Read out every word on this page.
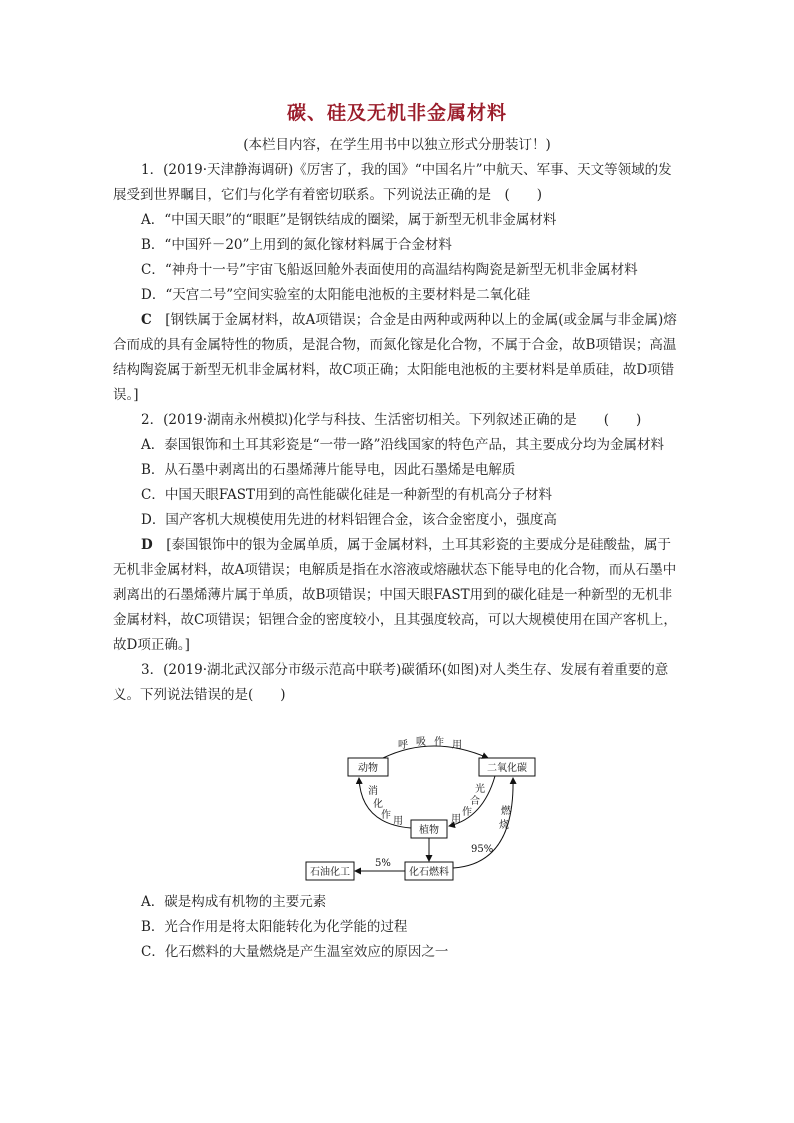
碳、硅及无机非金属材料
(本栏目内容，在学生用书中以独立形式分册装订！)

1．(2019·天津静海调研)《厉害了，我的国》“中国名片”中航天、军事、天文等领域的发展受到世界瞩目，它们与化学有着密切联系。下列说法正确的是　(　　)

A．“中国天眼”的“眼眶”是钢铁结成的圈梁，属于新型无机非金属材料

B．“中国歼－20”上用到的氮化镓材料属于合金材料

C．“神舟十一号”宇宙飞船返回舱外表面使用的高温结构陶瓷是新型无机非金属材料

D．“天宫二号”空间实验室的太阳能电池板的主要材料是二氧化硅

C　 [钢铁属于金属材料，故A项错误；合金是由两种或两种以上的金属(或金属与非金属)熔合而成的具有金属特性的物质，是混合物，而氮化镓是化合物，不属于合金，故B项错误；高温结构陶瓷属于新型无机非金属材料，故C项正确；太阳能电池板的主要材料是单质硅，故D项错误。]

2．(2019·湖南永州模拟)化学与科技、生活密切相关。下列叙述正确的是　　(　　)

A．泰国银饰和土耳其彩瓷是“一带一路”沿线国家的特色产品，其主要成分均为金属材料

B．从石墨中剥离出的石墨烯薄片能导电，因此石墨烯是电解质

C．中国天眼FAST用到的高性能碳化硅是一种新型的有机高分子材料

D．国产客机大规模使用先进的材料铝锂合金，该合金密度小，强度高

D　 [泰国银饰中的银为金属单质，属于金属材料，土耳其彩瓷的主要成分是硅酸盐，属于无机非金属材料，故A项错误；电解质是指在水溶液或熔融状态下能导电的化合物，而从石墨中剥离出的石墨烯薄片属于单质，故B项错误；中国天眼FAST用到的碳化硅是一种新型的无机非金属材料，故C项错误；铝锂合金的密度较小，且其强度较高，可以大规模使用在国产客机上，故D项正确。]

3．(2019·湖北武汉部分市级示范高中联考)碳循环(如图)对人类生存、发展有着重要的意义。下列说法错误的是(　　)

动物	二氧化碳
植物
化石燃料
石油化工
呼 吸 作 用
消
化
作
用
光
合
作
用
燃
烧
95%
5%

A．碳是构成有机物的主要元素

B．光合作用是将太阳能转化为化学能的过程

C．化石燃料的大量燃烧是产生温室效应的原因之一
